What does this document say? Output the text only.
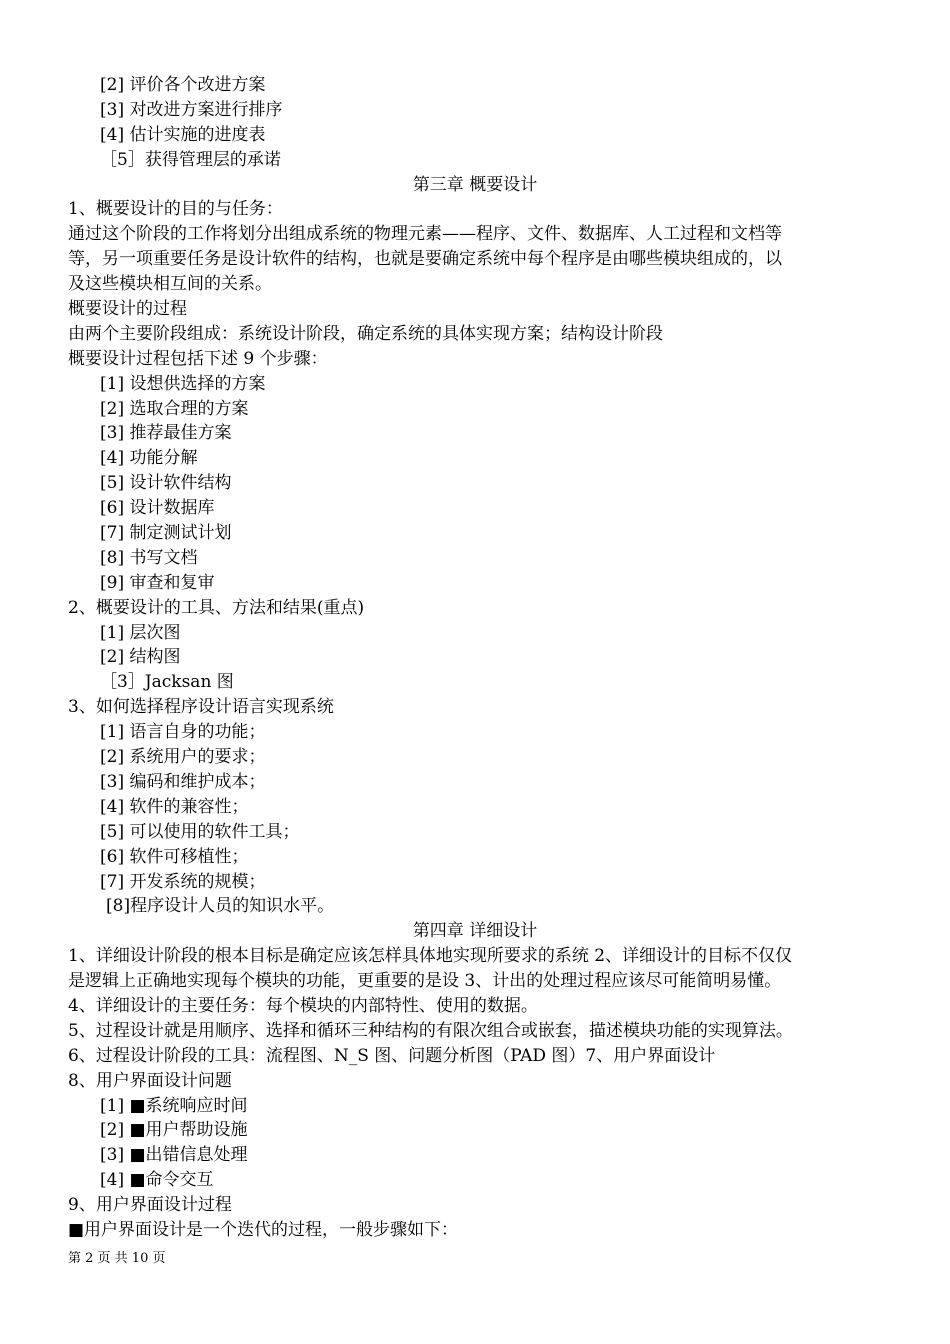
[2] 评价各个改进方案
[3] 对改进方案进行排序
[4] 估计实施的进度表
［5］获得管理层的承诺
第三章 概要设计
1、概要设计的目的与任务：
通过这个阶段的工作将划分出组成系统的物理元素——程序、文件、数据库、人工过程和文档等
等，另一项重要任务是设计软件的结构，也就是要确定系统中每个程序是由哪些模块组成的，以
及这些模块相互间的关系。
概要设计的过程
由两个主要阶段组成：系统设计阶段，确定系统的具体实现方案；结构设计阶段
概要设计过程包括下述 9 个步骤：
[1] 设想供选择的方案
[2] 选取合理的方案
[3] 推荐最佳方案
[4] 功能分解
[5] 设计软件结构
[6] 设计数据库
[7] 制定测试计划
[8] 书写文档
[9] 审查和复审
2、概要设计的工具、方法和结果(重点)
[1] 层次图
[2] 结构图
［3］Jacksan 图
3、如何选择程序设计语言实现系统
[1] 语言自身的功能；
[2] 系统用户的要求；
[3] 编码和维护成本；
[4] 软件的兼容性；
[5] 可以使用的软件工具；
[6] 软件可移植性；
[7] 开发系统的规模；
[8]程序设计人员的知识水平。
第四章 详细设计
1、详细设计阶段的根本目标是确定应该怎样具体地实现所要求的系统 2、详细设计的目标不仅仅
是逻辑上正确地实现每个模块的功能，更重要的是设 3、计出的处理过程应该尽可能简明易懂。
4、详细设计的主要任务：每个模块的内部特性、使用的数据。
5、过程设计就是用顺序、选择和循环三种结构的有限次组合或嵌套，描述模块功能的实现算法。
6、过程设计阶段的工具：流程图、N_S 图、问题分析图（PAD 图）7、用户界面设计
8、用户界面设计问题
[1] ■系统响应时间
[2] ■用户帮助设施
[3] ■出错信息处理
[4] ■命令交互
9、用户界面设计过程
■用户界面设计是一个迭代的过程，一般步骤如下：
第 2 页 共 10 页
